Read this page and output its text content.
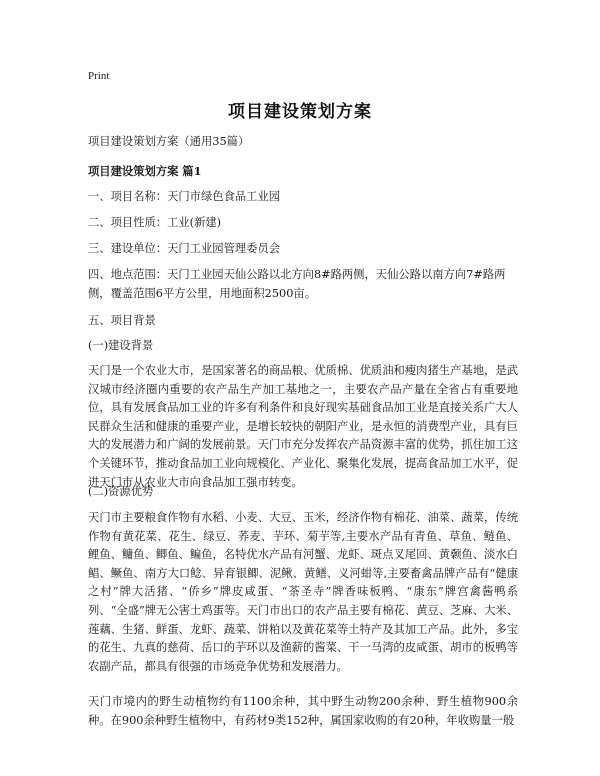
Print
项目建设策划方案
项目建设策划方案（通用35篇）
项目建设策划方案 篇1
一、项目名称：天门市绿色食品工业园
二、项目性质：工业(新建)
三、建设单位：天门工业园管理委员会
四、地点范围：天门工业园天仙公路以北方向8#路两侧，天仙公路以南方向7#路两侧，覆盖范围6平方公里，用地面积2500亩。
五、项目背景
(一)建设背景
天门是一个农业大市，是国家著名的商品粮、优质棉、优质油和瘦肉猪生产基地，是武汉城市经济圈内重要的农产品生产加工基地之一，主要农产品产量在全省占有重要地位，具有发展食品加工业的许多有利条件和良好现实基础食品加工业是直接关系广大人民群众生活和健康的重要产业，是增长较快的朝阳产业，是永恒的消费型产业，具有巨大的发展潜力和广阔的发展前景。天门市充分发挥农产品资源丰富的优势，抓住加工这个关键环节，推动食品加工业向规模化、产业化、聚集化发展，提高食品加工水平，促进天门市从农业大市向食品加工强市转变。
(二)资源优势
天门市主要粮食作物有水稻、小麦、大豆、玉米，经济作物有棉花、油菜、蔬菜，传统作物有黄花菜、花生、绿豆、荞麦、芋环、菊芋等,主要水产品有青鱼、草鱼、鲢鱼、鲤鱼、鳙鱼、鲫鱼、鳊鱼，名特优水产品有河蟹、龙虾、斑点叉尾回、黄颡鱼、淡水白鲳、鳜鱼、南方大口鲶、异育银鲫、泥鳅、黄鳝、义河蚶等,主要畜禽品牌产品有“健康之村”牌大活猪、“侨乡”牌皮咸蛋、“茶圣寺”牌香味板鸭、“康东”牌宫禽酱鸭系列、“全盛”牌无公害土鸡蛋等。天门市出口的农产品主要有棉花、黄豆、芝麻、大米、莲藕、生猪、鲜蛋、龙虾、蔬菜、饼粕以及黄花菜等土特产及其加工产品。此外，多宝的花生、九真的慈荷、岳口的芋环以及渔薪的酱菜、干一马湾的皮咸蛋、胡市的板鸭等农副产品，都具有很强的市场竞争优势和发展潜力。
天门市境内的野生动植物约有1100余种，其中野生动物200余种、野生植物900余种。在900余种野生植物中，有药材9类152种，属国家收购的有20种，年收购量一般
